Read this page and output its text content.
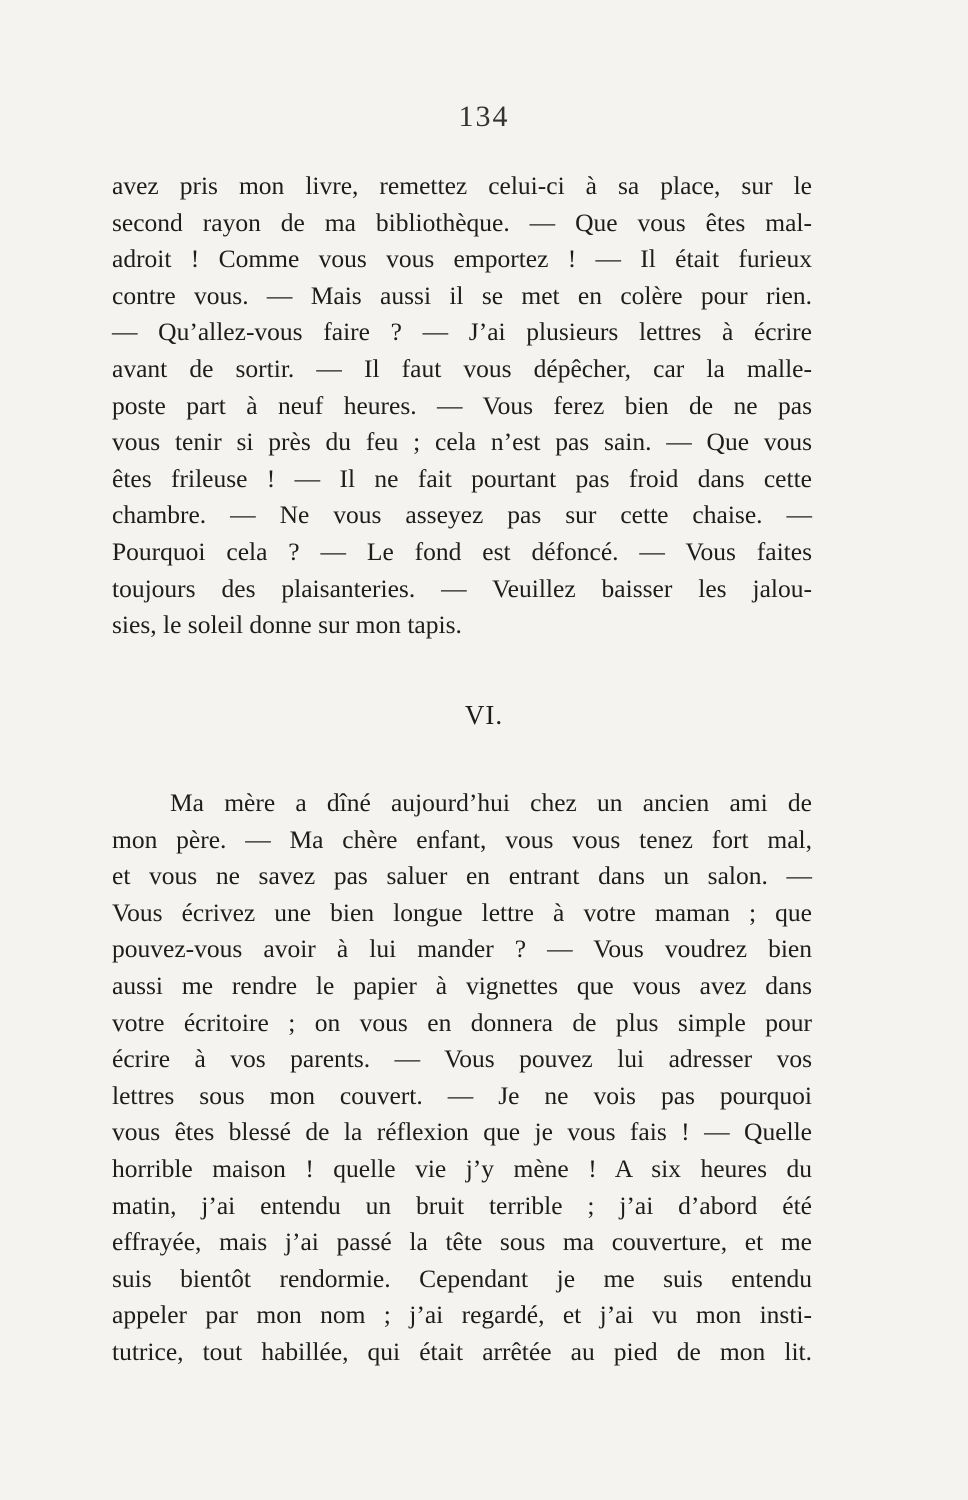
134
avez pris mon livre, remettez celui-ci à sa place, sur le
second rayon de ma bibliothèque. — Que vous êtes mal-
adroit ! Comme vous vous emportez ! — Il était furieux
contre vous. — Mais aussi il se met en colère pour rien.
— Qu’allez-vous faire ? — J’ai plusieurs lettres à écrire
avant de sortir. — Il faut vous dépêcher, car la malle-
poste part à neuf heures. — Vous ferez bien de ne pas
vous tenir si près du feu ; cela n’est pas sain. — Que vous
êtes frileuse ! — Il ne fait pourtant pas froid dans cette
chambre. — Ne vous asseyez pas sur cette chaise. —
Pourquoi cela ? — Le fond est défoncé. — Vous faites
toujours des plaisanteries. — Veuillez baisser les jalou-
sies, le soleil donne sur mon tapis.
VI.
Ma mère a dîné aujourd’hui chez un ancien ami de
mon père. — Ma chère enfant, vous vous tenez fort mal,
et vous ne savez pas saluer en entrant dans un salon. —
Vous écrivez une bien longue lettre à votre maman ; que
pouvez-vous avoir à lui mander ? — Vous voudrez bien
aussi me rendre le papier à vignettes que vous avez dans
votre écritoire ; on vous en donnera de plus simple pour
écrire à vos parents. — Vous pouvez lui adresser vos
lettres sous mon couvert. — Je ne vois pas pourquoi
vous êtes blessé de la réflexion que je vous fais ! — Quelle
horrible maison ! quelle vie j’y mène ! A six heures du
matin, j’ai entendu un bruit terrible ; j’ai d’abord été
effrayée, mais j’ai passé la tête sous ma couverture, et me
suis bientôt rendormie. Cependant je me suis entendu
appeler par mon nom ; j’ai regardé, et j’ai vu mon insti-
tutrice, tout habillée, qui était arrêtée au pied de mon lit.
